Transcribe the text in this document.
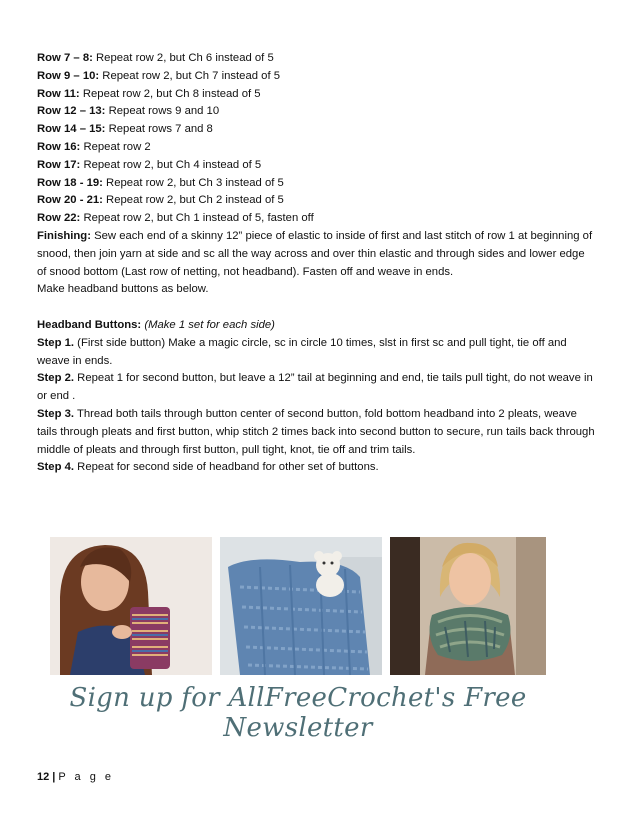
Row 7 – 8: Repeat row 2, but Ch 6 instead of 5
Row 9 – 10: Repeat row 2, but Ch 7 instead of 5
Row 11: Repeat row 2, but Ch 8 instead of 5
Row 12 – 13: Repeat rows 9 and 10
Row 14 – 15: Repeat rows 7 and 8
Row 16: Repeat row 2
Row 17: Repeat row 2, but Ch 4 instead of 5
Row 18 - 19: Repeat row 2, but Ch 3 instead of 5
Row 20 - 21: Repeat row 2, but Ch 2 instead of 5
Row 22: Repeat row 2, but Ch 1 instead of 5, fasten off
Finishing: Sew each end of a skinny 12” piece of elastic to inside of first and last stitch of row 1 at beginning of snood, then join yarn at side and sc all the way across and over thin elastic and through sides and lower edge of snood bottom (Last row of netting, not headband). Fasten off and weave in ends.
Make headband buttons as below.
Headband Buttons: (Make 1 set for each side)
Step 1. (First side button) Make a magic circle, sc in circle 10 times, slst in first sc and pull tight, tie off and weave in ends.
Step 2. Repeat 1 for second button, but leave a 12” tail at beginning and end, tie tails pull tight, do not weave in or end .
Step 3. Thread both tails through button center of second button, fold bottom headband into 2 pleats, weave tails through pleats and first button, whip stitch 2 times back into second button to secure, run tails back through middle of pleats and through first button, pull tight, knot, tie off and trim tails.
Step 4. Repeat for second side of headband for other set of buttons.
Sign up for AllFreeCrochet's Free Newsletter
12 | P a g e
